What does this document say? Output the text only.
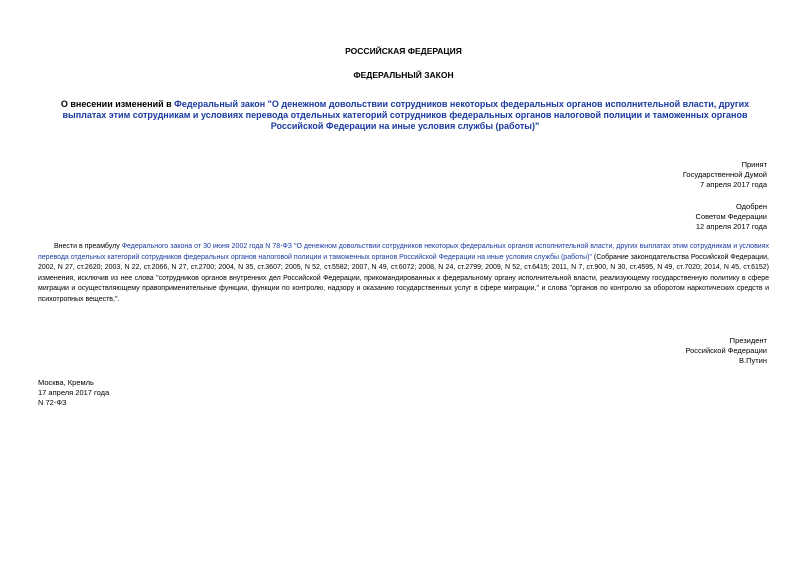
РОССИЙСКАЯ ФЕДЕРАЦИЯ
ФЕДЕРАЛЬНЫЙ ЗАКОН
О внесении изменений в Федеральный закон "О денежном довольствии сотрудников некоторых федеральных органов исполнительной власти, других выплатах этим сотрудникам и условиях перевода отдельных категорий сотрудников федеральных органов налоговой полиции и таможенных органов Российской Федерации на иные условия службы (работы)"
Принят
Государственной Думой
7 апреля 2017 года
Одобрен
Советом Федерации
12 апреля 2017 года
Внести в преамбулу Федерального закона от 30 июня 2002 года N 78-ФЗ "О денежном довольствии сотрудников некоторых федеральных органов исполнительной власти, других выплатах этим сотрудникам и условиях перевода отдельных категорий сотрудников федеральных органов налоговой полиции и таможенных органов Российской Федерации на иные условия службы (работы)" (Собрание законодательства Российской Федерации, 2002, N 27, ст.2620; 2003, N 22, ст.2066, N 27, ст.2700; 2004, N 35, ст.3607; 2005, N 52, ст.5582; 2007, N 49, ст.6072; 2008, N 24, ст.2799; 2009, N 52, ст.6415; 2011, N 7, ст.900, N 30, ст.4595, N 49, ст.7020; 2014, N 45, ст.6152) изменения, исключив из нее слова "сотрудников органов внутренних дел Российской Федерации, прикомандированных к федеральному органу исполнительной власти, реализующему государственную политику в сфере миграции и осуществляющему правоприменительные функции, функции по контролю, надзору и оказанию государственных услуг в сфере миграции," и слова "органов по контролю за оборотом наркотических средств и психотропных веществ,".
Президент
Российской Федерации
В.Путин
Москва, Кремль
17 апреля 2017 года
N 72-ФЗ
